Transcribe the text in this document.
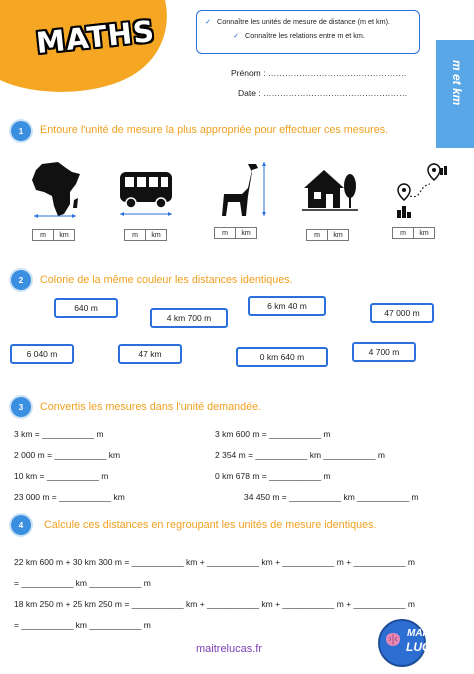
MATHS	✓ Connaître les unités de mesure de distance (m et km).
✓ Connaître les relations entre m et km.
Prénom : ………………………………………….
Date : ……………………………………………	m et km
1	Entoure l'unité de mesure la plus appropriée pour effectuer ces mesures.
m	km	m	km	m	km	m	km	m	km
2	Colorie de la même couleur les distances identiques.
640 m	6 km 40 m
47 000 m
4 km 700 m
6 040 m	47 km	0 km 640 m	4 700 m
3	Convertis les mesures dans l'unité demandée.
3 km = ___________ m
2 000 m = ___________ km
10 km = ___________ m
23 000 m = ___________ km
3 km 600 m = ___________ m
2 354 m = ___________ km ___________ m
0 km 678 m = ___________ m
34 450 m = ___________ km ___________ m
4	Calcule ces distances en regroupant les unités de mesure identiques.
22 km 600 m + 30 km 300 m = ___________ km + ___________ km + ___________ m + ___________ m
= ___________ km ___________ m
18 km 250 m + 25 km 250 m = ___________ km + ___________ km + ___________ m + ___________ m
= ___________ km ___________ m
maitrelucas.fr
MAÎTRE
LUCAS
